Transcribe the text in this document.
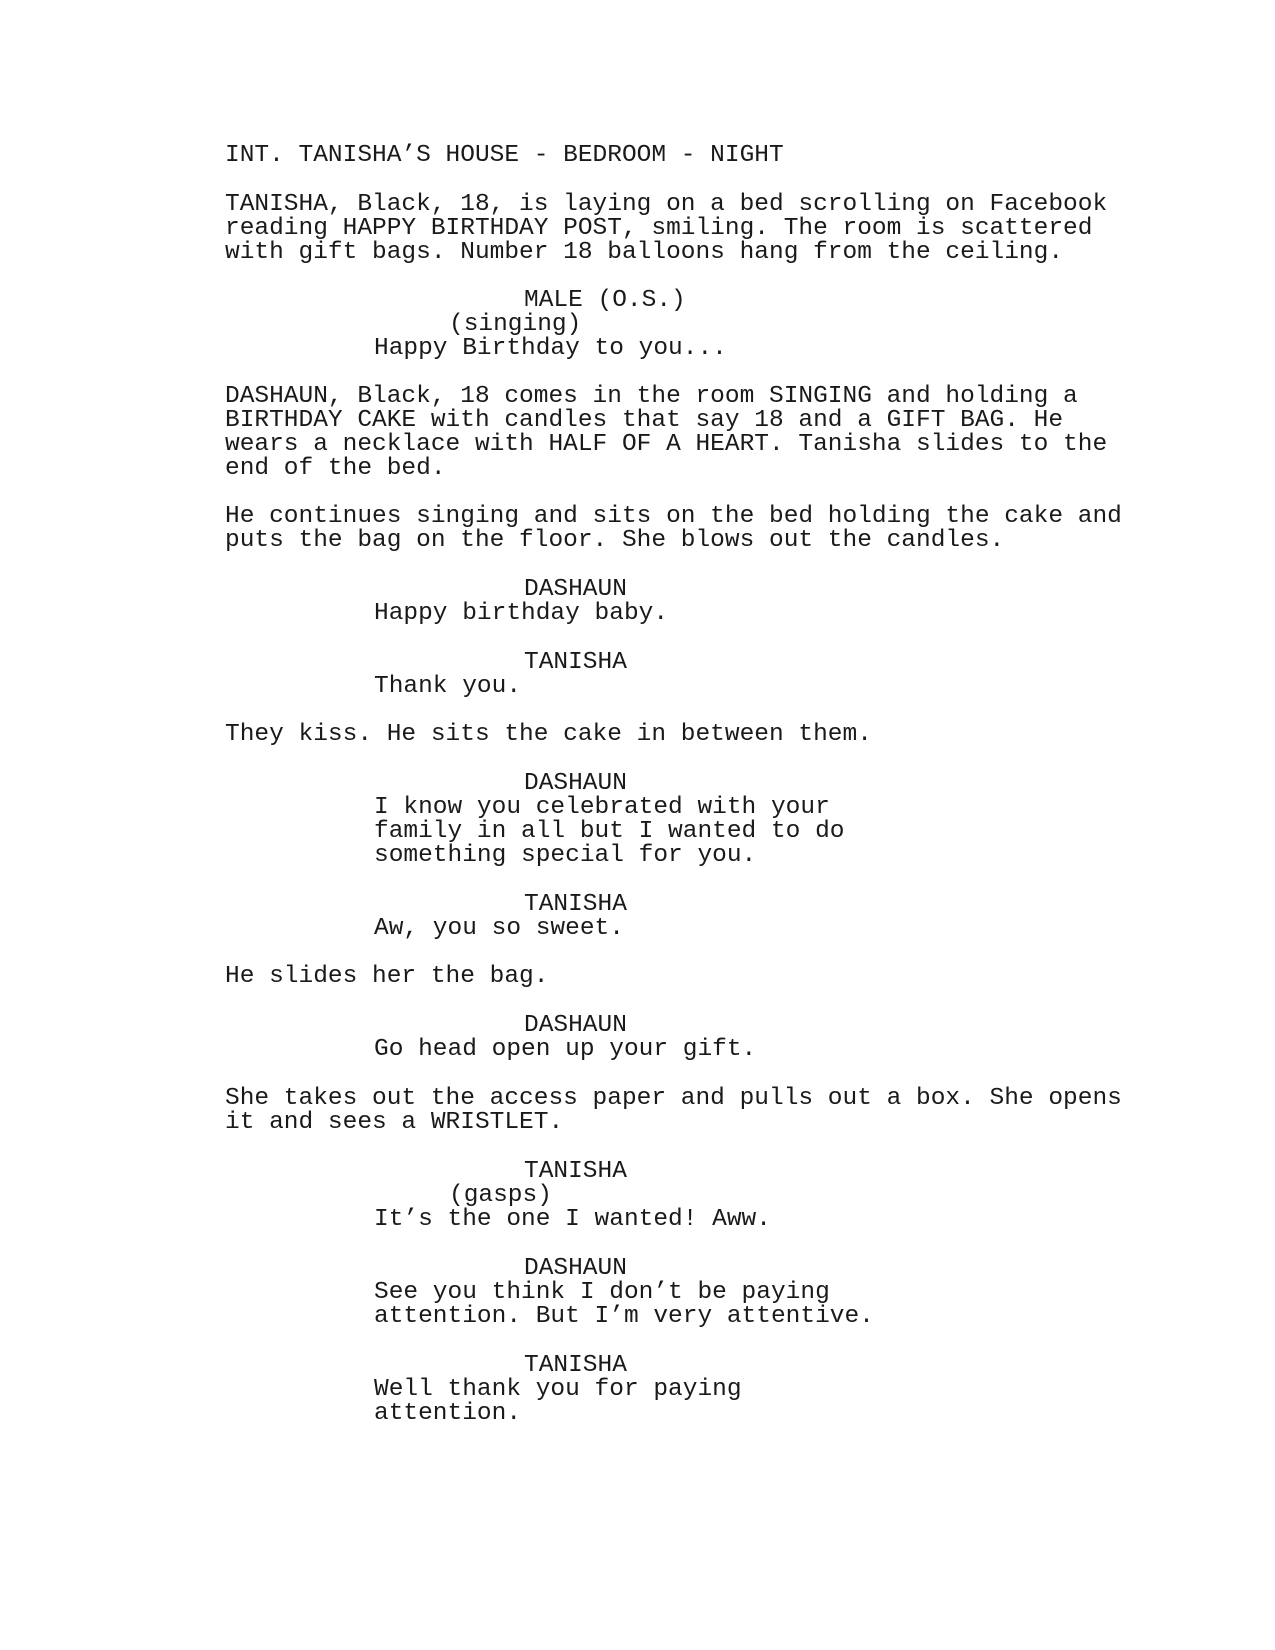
INT. TANISHA’S HOUSE - BEDROOM - NIGHT
TANISHA, Black, 18, is laying on a bed scrolling on Facebook
reading HAPPY BIRTHDAY POST, smiling. The room is scattered
with gift bags. Number 18 balloons hang from the ceiling.
MALE (O.S.)
(singing)
Happy Birthday to you...
DASHAUN, Black, 18 comes in the room SINGING and holding a
BIRTHDAY CAKE with candles that say 18 and a GIFT BAG. He
wears a necklace with HALF OF A HEART. Tanisha slides to the
end of the bed.
He continues singing and sits on the bed holding the cake and
puts the bag on the floor. She blows out the candles.
DASHAUN
Happy birthday baby.
TANISHA
Thank you.
They kiss. He sits the cake in between them.
DASHAUN
I know you celebrated with your
family in all but I wanted to do
something special for you.
TANISHA
Aw, you so sweet.
He slides her the bag.
DASHAUN
Go head open up your gift.
She takes out the access paper and pulls out a box. She opens
it and sees a WRISTLET.
TANISHA
(gasps)
It’s the one I wanted! Aww.
DASHAUN
See you think I don’t be paying
attention. But I’m very attentive.
TANISHA
Well thank you for paying
attention.
